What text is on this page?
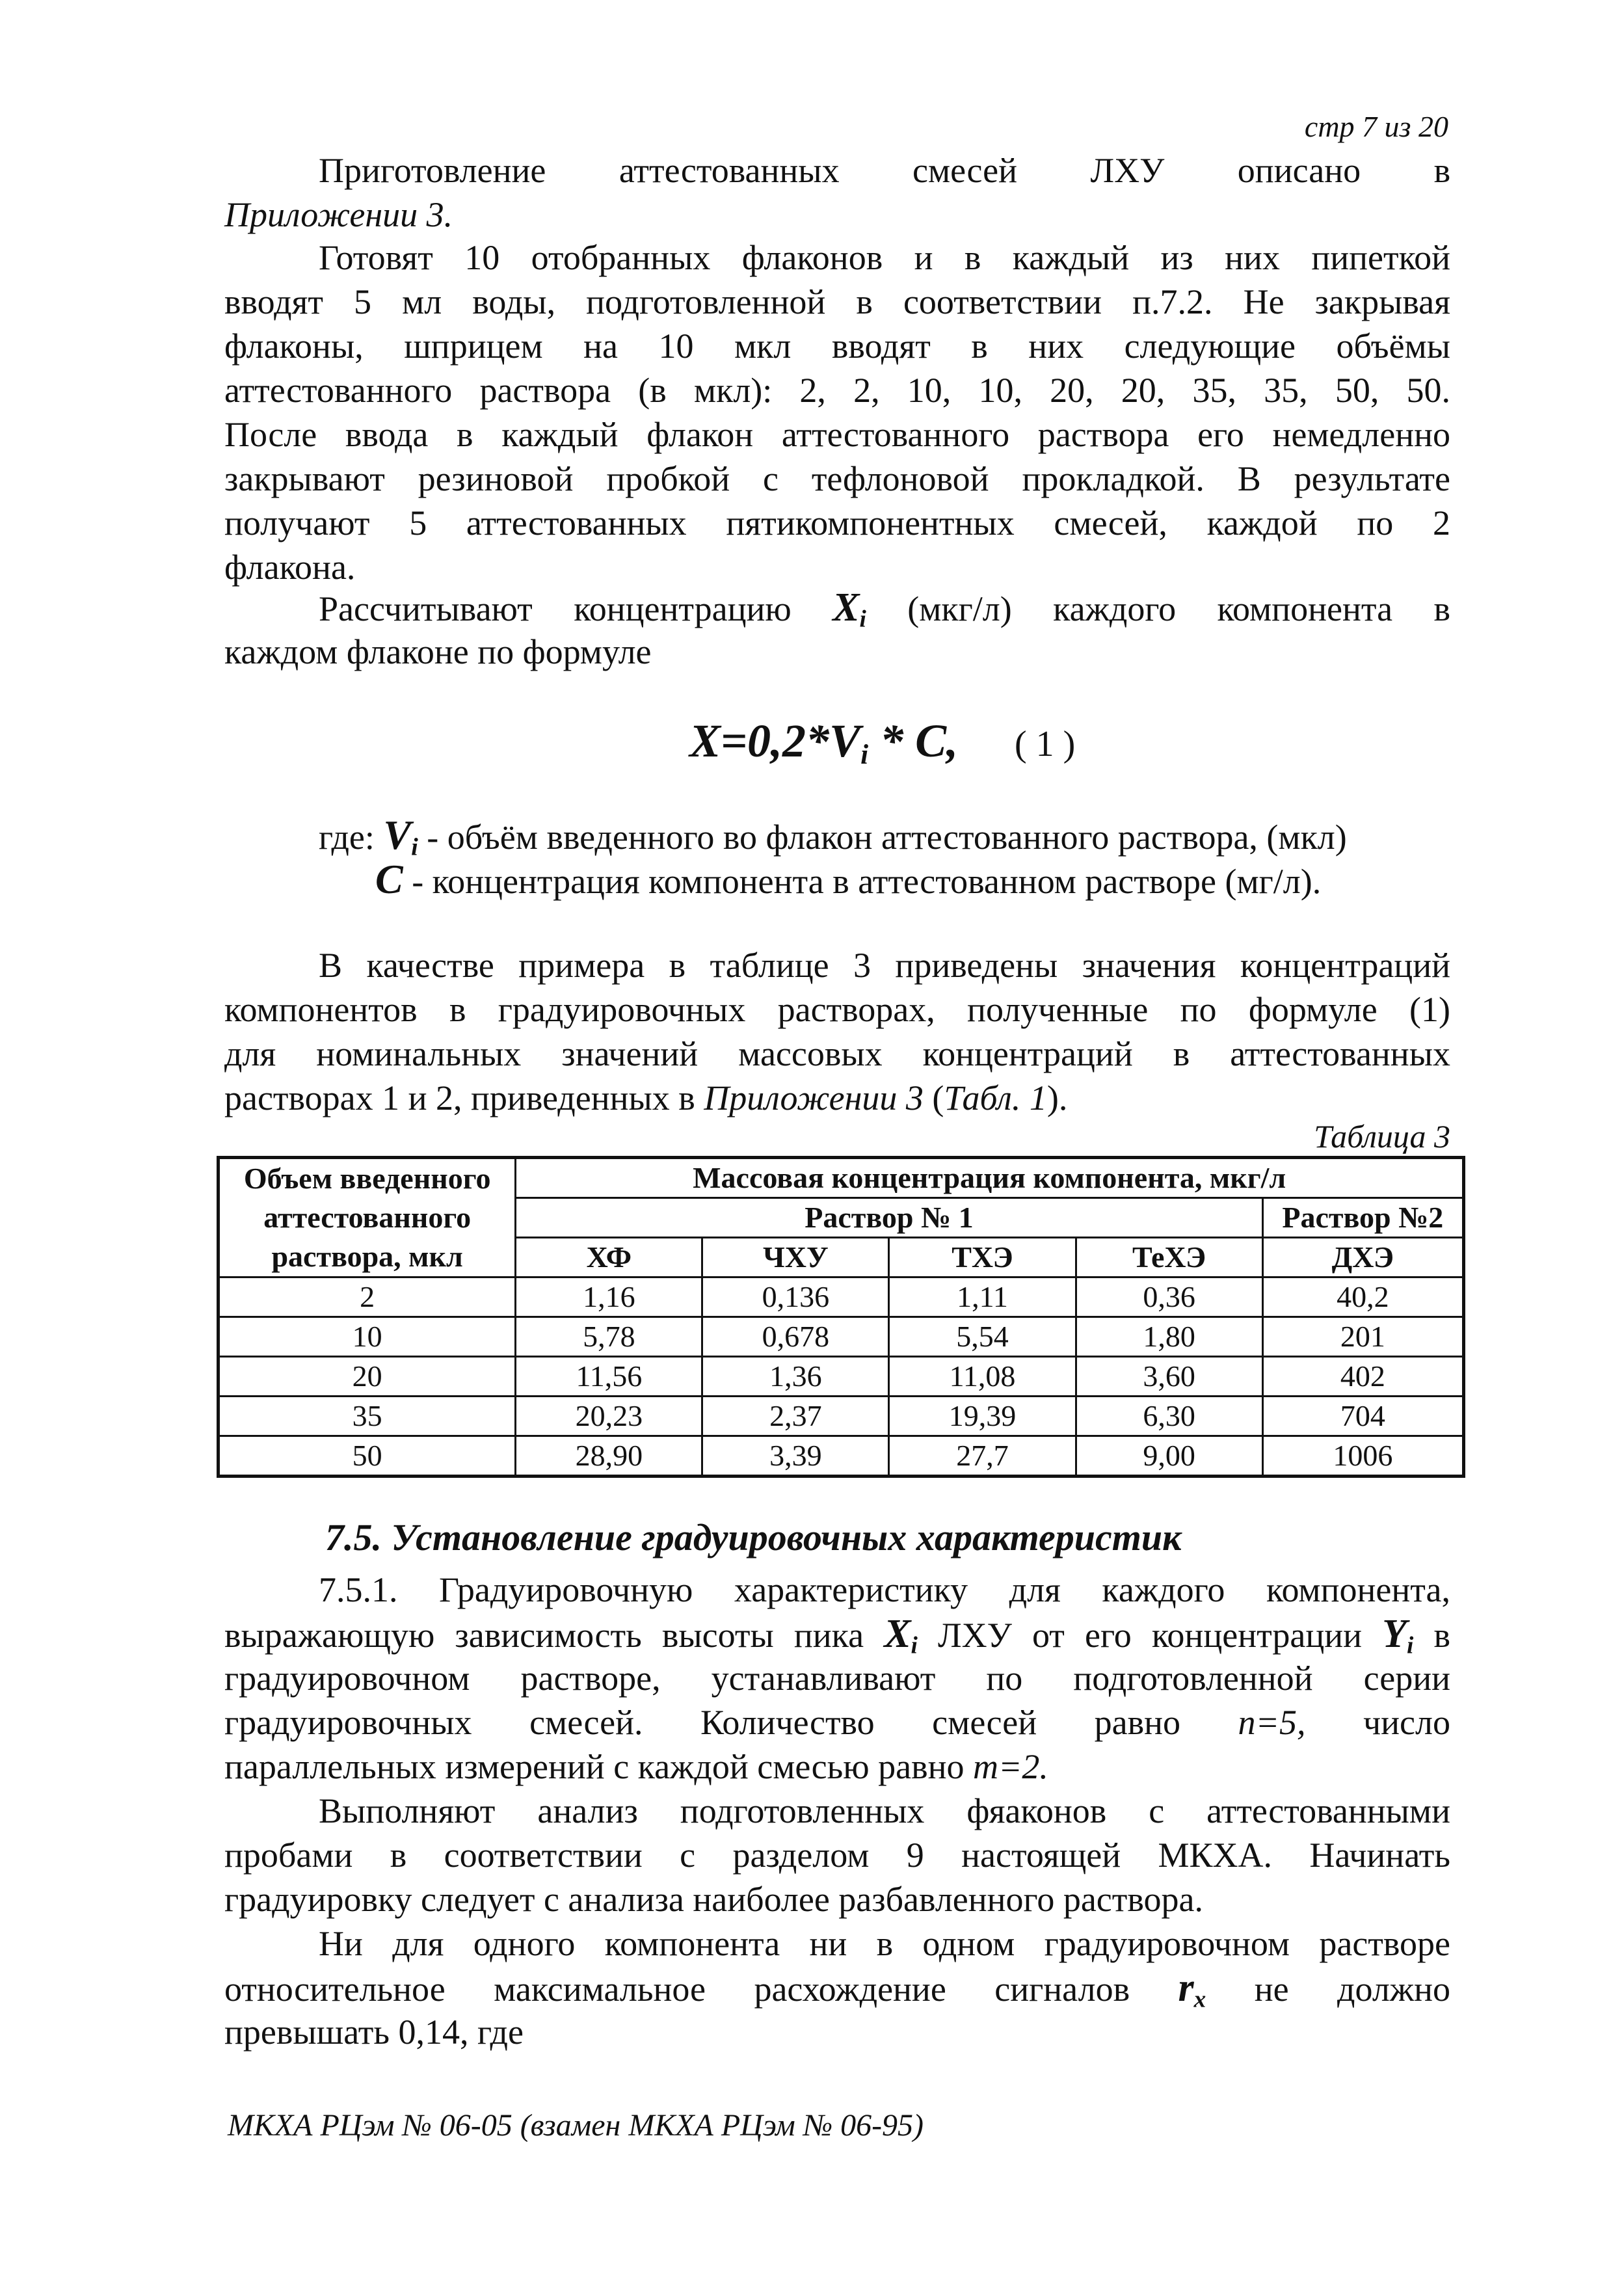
стр 7 из 20
Приготовление аттестованных смесей ЛХУ описано в
Приложении 3.
Готовят 10 отобранных флаконов и в каждый из них пипеткой
вводят 5 мл воды, подготовленной в соответствии п.7.2. Не закрывая
флаконы, шприцем на 10 мкл вводят в них следующие объёмы
аттестованного раствора (в мкл): 2, 2, 10, 10, 20, 20, 35, 35, 50, 50.
После ввода в каждый флакон аттестованного раствора его немедленно
закрывают резиновой пробкой с тефлоновой прокладкой. В результате
получают 5 аттестованных пятикомпонентных смесей, каждой по 2
флакона.
Рассчитывают концентрацию $X_i$ (мкг/л) каждого компонента в
каждом флаконе по формуле
$X=0,2*V_i * C$, ( 1 )
где: $V_i$ - объём введенного во флакон аттестованного раствора, (мкл)
C - концентрация компонента в аттестованном растворе (мг/л).
В качестве примера в таблице 3 приведены значения концентраций
компонентов в градуировочных растворах, полученные по формуле (1)
для номинальных значений массовых концентраций в аттестованных
растворах 1 и 2, приведенных в Приложении 3 (Табл. 1).
Таблица 3
Объем введенного аттестованного раствора, мкл	Массовая концентрация компонента, мкг/л				
	Раствор № 1				Раствор №2
	ХФ	ЧХУ	ТХЭ	ТеХЭ	ДХЭ
2	1,16	0,136	1,11	0,36	40,2
10	5,78	0,678	5,54	1,80	201
20	11,56	1,36	11,08	3,60	402
35	20,23	2,37	19,39	6,30	704
50	28,90	3,39	27,7	9,00	1006
7.5. Установление градуировочных характеристик
7.5.1. Градуировочную характеристику для каждого компонента,
выражающую зависимость высоты пика $X_i$ ЛХУ от его концентрации $Y_i$ в
градуировочном растворе, устанавливают по подготовленной серии
градуировочных смесей. Количество смесей равно n=5, число
параллельных измерений с каждой смесью равно m=2.
Выполняют анализ подготовленных фяаконов с аттестованными
пробами в соответствии с разделом 9 настоящей МКХА. Начинать
градуировку следует с анализа наиболее разбавленного раствора.
Ни для одного компонента ни в одном градуировочном растворе
относительное максимальное расхождение сигналов $r_x$ не должно
превышать 0,14, где
МКХА РЦэм № 06-05 (взамен МКХА РЦэм № 06-95)
